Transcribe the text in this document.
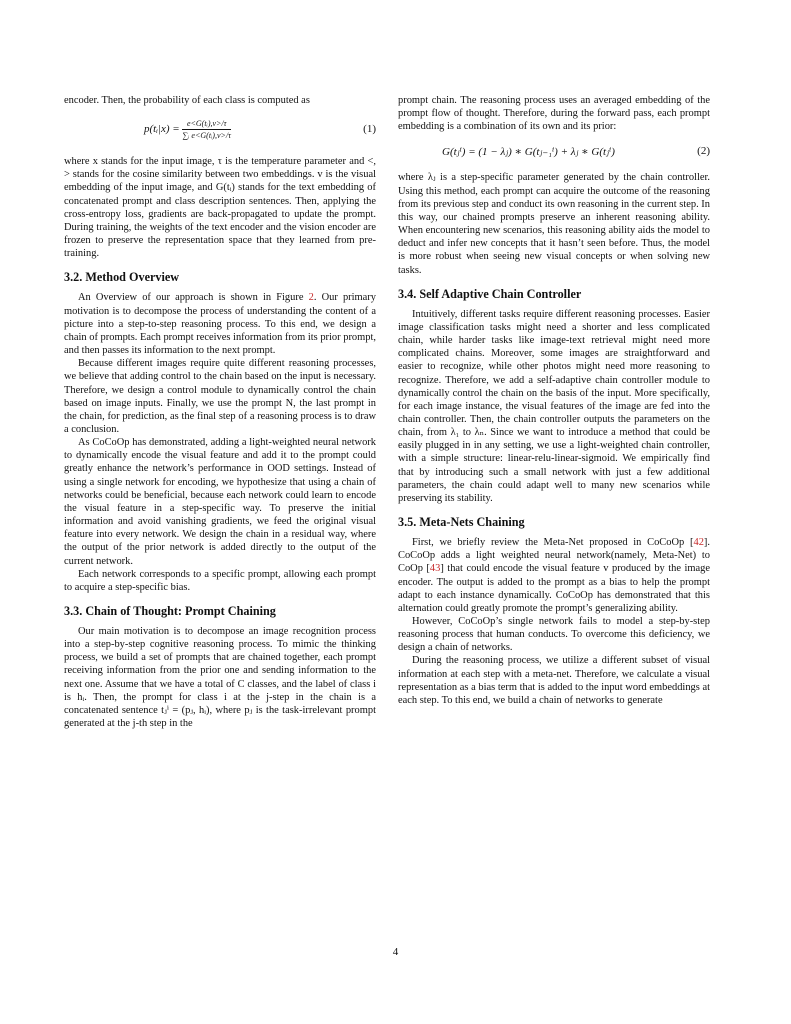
encoder. Then, the probability of each class is computed as

p(tᵢ|x) = $\frac{\text{e<G(tᵢ),v>/τ}}{\text{∑ᵢ e<G(tᵢ),v>/τ}}$	(1)

where x stands for the input image, τ is the temperature parameter and <, > stands for the cosine similarity between two embeddings. v is the visual embedding of the input image, and G(tᵢ) stands for the text embedding of concatenated prompt and class description sentences. Then, applying the cross-entropy loss, gradients are back-propagated to update the prompt. During training, the weights of the text encoder and the vision encoder are frozen to preserve the representation space that they learned from pre-training.

3.2. Method Overview

An Overview of our approach is shown in Figure 2. Our primary motivation is to decompose the process of understanding the content of a picture into a step-to-step reasoning process. To this end, we design a chain of prompts. Each prompt receives information from its prior prompt, and then passes its information to the next prompt.

Because different images require quite different reasoning processes, we believe that adding control to the chain based on the input is necessary. Therefore, we design a control module to dynamically control the chain based on image inputs. Finally, we use the prompt N, the last prompt in the chain, for prediction, as the final step of a reasoning process is to draw a conclusion.

As CoCoOp has demonstrated, adding a light-weighted neural network to dynamically encode the visual feature and add it to the prompt could greatly enhance the network’s performance in OOD settings. Instead of using a single network for encoding, we hypothesize that using a chain of networks could be beneficial, because each network could learn to encode the visual feature in a step-specific way. To preserve the initial information and avoid vanishing gradients, we feed the original visual feature into every network. We design the chain in a residual way, where the output of the prior network is added directly to the output of the current network.

Each network corresponds to a specific prompt, allowing each prompt to acquire a step-specific bias.

3.3. Chain of Thought: Prompt Chaining

Our main motivation is to decompose an image recognition process into a step-by-step cognitive reasoning process. To mimic the thinking process, we build a set of prompts that are chained together, each prompt receiving information from the prior one and sending information to the next one. Assume that we have a total of C classes, and the label of class i is hᵢ. Then, the prompt for class i at the j-step in the chain is a concatenated sentence tⱼⁱ = (pⱼ, hᵢ), where pⱼ is the task-irrelevant prompt generated at the j-th step in the

prompt chain. The reasoning process uses an averaged embedding of the prompt flow of thought. Therefore, during the forward pass, each prompt embedding is a combination of its own and its prior:

G(tⱼⁱ) = (1 − λⱼ) ∗ G(tⱼ₋₁ⁱ) + λⱼ ∗ G(tⱼⁱ)	(2)

where λⱼ is a step-specific parameter generated by the chain controller. Using this method, each prompt can acquire the outcome of the reasoning from its previous step and conduct its own reasoning in the current step. In this way, our chained prompts preserve an inherent reasoning ability. When encountering new scenarios, this reasoning ability aids the model to deduct and infer new concepts that it hasn’t seen before. Thus, the model is more robust when seeing new visual concepts or when solving new tasks.

3.4. Self Adaptive Chain Controller

Intuitively, different tasks require different reasoning processes. Easier image classification tasks might need a shorter and less complicated chain, while harder tasks like image-text retrieval might need more complicated chains. Moreover, some images are straightforward and easier to recognize, while other photos might need more reasoning to recognize. Therefore, we add a self-adaptive chain controller module to dynamically control the chain on the basis of the input. More specifically, for each image instance, the visual features of the image are fed into the chain controller. Then, the chain controller outputs the parameters on the chain, from λ₁ to λₙ. Since we want to introduce a method that could be easily plugged in in any setting, we use a light-weighted chain controller, with a simple structure: linear-relu-linear-sigmoid. We empirically find that by introducing such a small network with just a few additional parameters, the chain could adapt well to many new scenarios while preserving its stability.

3.5. Meta-Nets Chaining

First, we briefly review the Meta-Net proposed in CoCoOp [42]. CoCoOp adds a light weighted neural network(namely, Meta-Net) to CoOp [43] that could encode the visual feature v produced by the image encoder. The output is added to the prompt as a bias to help the prompt adapt to each instance dynamically. CoCoOp has demonstrated that this alternation could greatly promote the prompt’s generalizing ability.

However, CoCoOp’s single network fails to model a step-by-step reasoning process that human conducts. To overcome this deficiency, we design a chain of networks.

During the reasoning process, we utilize a different subset of visual information at each step with a meta-net. Therefore, we calculate a visual representation as a bias term that is added to the input word embeddings at each step. To this end, we build a chain of networks to generate

4
